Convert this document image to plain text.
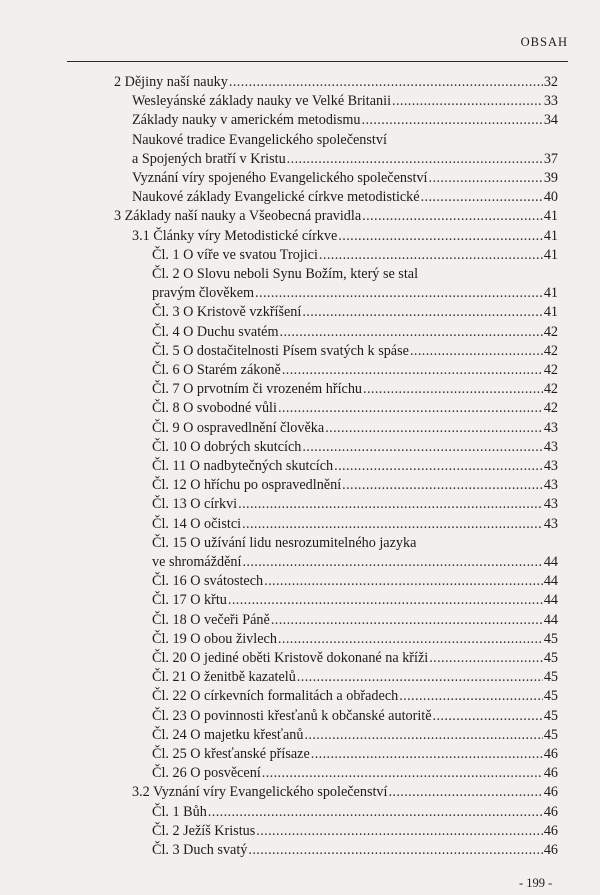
OBSAH
2 Dějiny naší nauky .....	32
Wesleyánské základy nauky ve Velké Britanii .....	33
Základy nauky v americkém metodismu .....	34
Naukové tradice Evangelického společenství
a Spojených bratří v Kristu .....	37
Vyznání víry spojeného Evangelického společenství .....	39
Naukové základy Evangelické církve metodistické .....	40
3 Základy naší nauky a Všeobecná pravidla .....	41
3.1 Články víry Metodistické církve .....	41
Čl. 1 O víře ve svatou Trojici .....	41
Čl. 2 O Slovu neboli Synu Božím, který se stal
pravým člověkem .....	41
Čl. 3 O Kristově vzkříšení .....	41
Čl. 4 O Duchu svatém .....	42
Čl. 5 O dostačitelnosti Písem svatých k spáse .....	42
Čl. 6 O Starém zákoně .....	42
Čl. 7 O prvotním či vrozeném hříchu .....	42
Čl. 8 O svobodné vůli .....	42
Čl. 9 O ospravedlnění člověka .....	43
Čl. 10 O dobrých skutcích .....	43
Čl. 11 O nadbytečných skutcích .....	43
Čl. 12 O hříchu po ospravedlnění .....	43
Čl. 13 O církvi .....	43
Čl. 14 O očistci .....	43
Čl. 15 O užívání lidu nesrozumitelného jazyka
ve shromáždění .....	44
Čl. 16 O svátostech .....	44
Čl. 17 O křtu .....	44
Čl. 18 O večeři Páně .....	44
Čl. 19 O obou živlech .....	45
Čl. 20 O jediné oběti Kristově dokonané na kříži .....	45
Čl. 21 O ženitbě kazatelů .....	45
Čl. 22 O církevních formalitách a obřadech .....	45
Čl. 23 O povinnosti křesťanů k občanské autoritě .....	45
Čl. 24 O majetku křesťanů .....	45
Čl. 25 O křesťanské přísaze .....	46
Čl. 26 O posvěcení .....	46
3.2 Vyznání víry Evangelického společenství .....	46
Čl. 1 Bůh .....	46
Čl. 2 Ježíš Kristus .....	46
Čl. 3 Duch svatý .....	46
- 199 -
